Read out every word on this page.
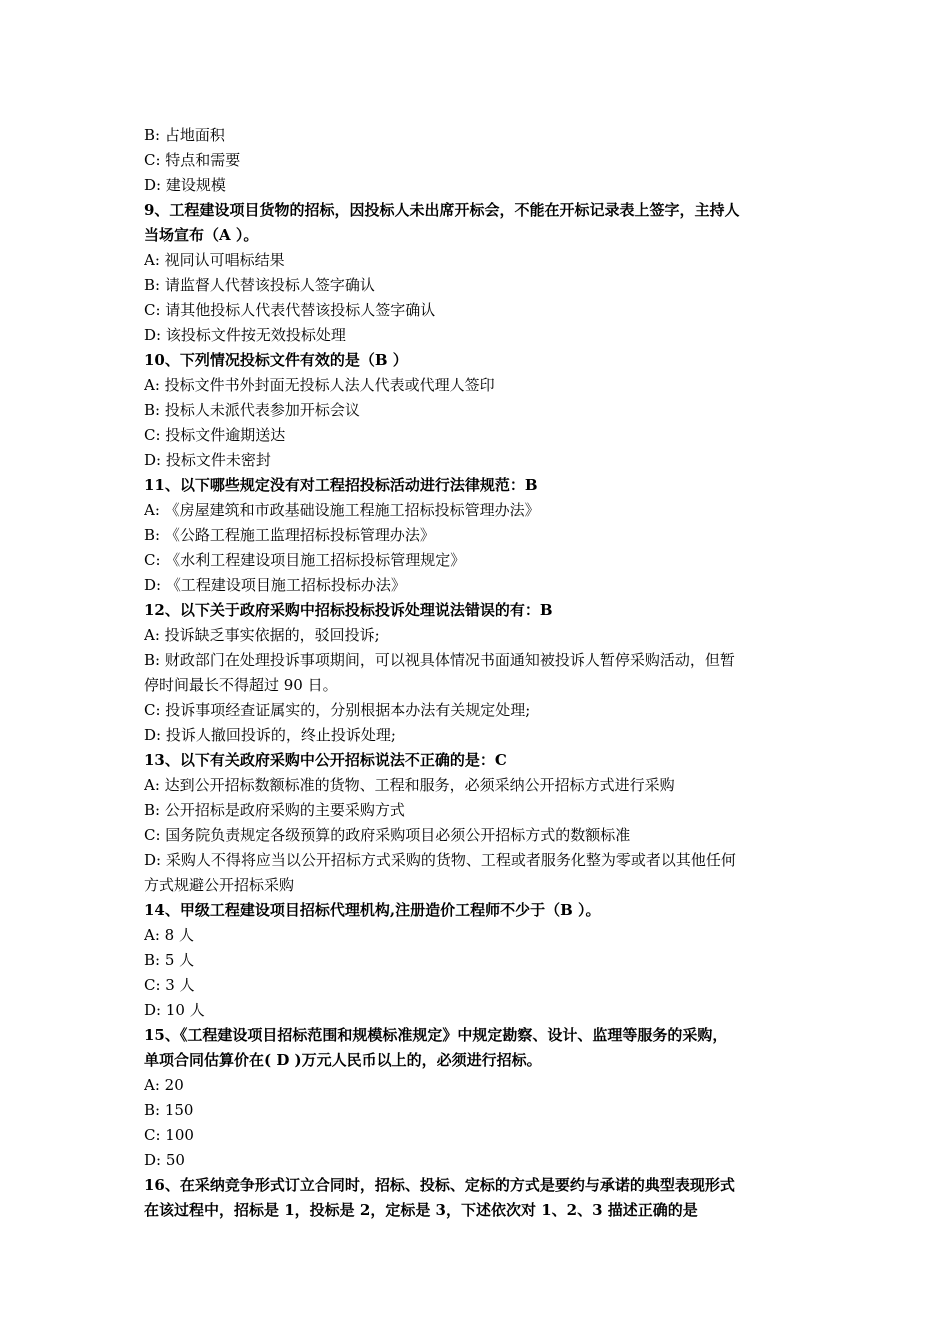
B: 占地面积
C: 特点和需要
D: 建设规模
9、工程建设项目货物的招标，因投标人未出席开标会，不能在开标记录表上签字，主持人
当场宣布（A ）。
A: 视同认可唱标结果
B: 请监督人代替该投标人签字确认
C: 请其他投标人代表代替该投标人签字确认
D: 该投标文件按无效投标处理
10、下列情况投标文件有效的是（B ）
A: 投标文件书外封面无投标人法人代表或代理人签印
B: 投标人未派代表参加开标会议
C: 投标文件逾期送达
D: 投标文件未密封
11、以下哪些规定没有对工程招投标活动进行法律规范：B
A: 《房屋建筑和市政基础设施工程施工招标投标管理办法》
B: 《公路工程施工监理招标投标管理办法》
C: 《水利工程建设项目施工招标投标管理规定》
D: 《工程建设项目施工招标投标办法》
12、以下关于政府采购中招标投标投诉处理说法错误的有：B
A: 投诉缺乏事实依据的，驳回投诉;
B: 财政部门在处理投诉事项期间，可以视具体情况书面通知被投诉人暂停采购活动，但暂
停时间最长不得超过 90 日。
C: 投诉事项经查证属实的，分别根据本办法有关规定处理;
D: 投诉人撤回投诉的，终止投诉处理;
13、以下有关政府采购中公开招标说法不正确的是：C
A: 达到公开招标数额标准的货物、工程和服务，必须采纳公开招标方式进行采购
B: 公开招标是政府采购的主要采购方式
C: 国务院负责规定各级预算的政府采购项目必须公开招标方式的数额标准
D: 采购人不得将应当以公开招标方式采购的货物、工程或者服务化整为零或者以其他任何
方式规避公开招标采购
14、甲级工程建设项目招标代理机构,注册造价工程师不少于（B ）。
A: 8 人
B: 5 人
C: 3 人
D: 10 人
15、《工程建设项目招标范围和规模标准规定》中规定勘察、设计、监理等服务的采购，
单项合同估算价在( D )万元人民币以上的，必须进行招标。
A: 20
B: 150
C: 100
D: 50
16、在采纳竞争形式订立合同时，招标、投标、定标的方式是要约与承诺的典型表现形式
在该过程中，招标是 1，投标是 2，定标是 3，下述依次对 1、2、3 描述正确的是
